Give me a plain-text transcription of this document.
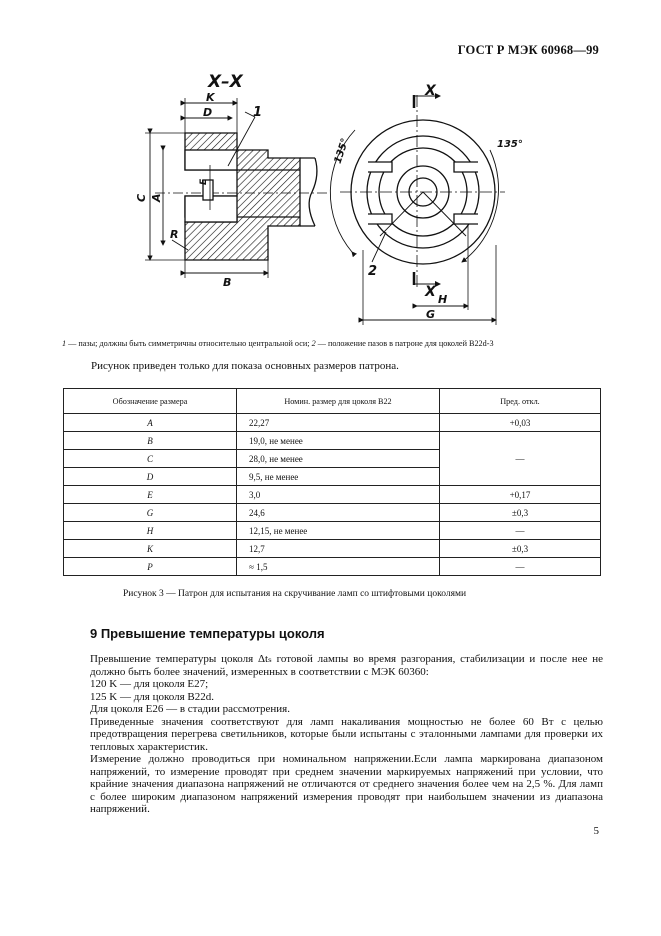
ГОСТ Р МЭК 60968—99
X–X
K
D	1
C A
E
R
B
X
X
135°	135°
2
H
G
1 — пазы; должны быть симметричны относительно центральной оси; 2 — положение пазов в патроне для цоколей B22d-3
Рисунок приведен только для показа основных размеров патрона.
Обозначение размера	Номин. размер для цоколя B22	Пред. откл.
A	22,27	+0,03
B	19,0, не менее	—
C	28,0, не менее	
D	9,5, не менее	
E	3,0	+0,17
G	24,6	±0,3
H	12,15, не менее	—
K	12,7	±0,3
P	≈ 1,5	—
Рисунок 3 — Патрон для испытания на скручивание ламп со штифтовыми цоколями
9 Превышение температуры цоколя

Превышение температуры цоколя Δtₛ готовой лампы во время разгорания, стабилизации и после нее не должно быть более значений, измеренных в соответствии с МЭК 60360:

120 K — для цоколя E27;

125 K — для цоколя B22d.

Для цоколя E26 — в стадии рассмотрения.

Приведенные значения соответствуют для ламп накаливания мощностью не более 60 Вт с целью предотвращения перегрева светильников, которые были испытаны с эталонными лампами для проверки их тепловых характеристик.

Измерение должно проводиться при номинальном напряжении.Если лампа маркирована диапазоном напряжений, то измерение проводят при среднем значении маркируемых напряжений при условии, что крайние значения диапазона напряжений не отличаются от среднего значения более чем на 2,5 %. Для ламп с более широким диапазоном напряжений измерения проводят при наибольшем значении из диапазона напряжений.

5
